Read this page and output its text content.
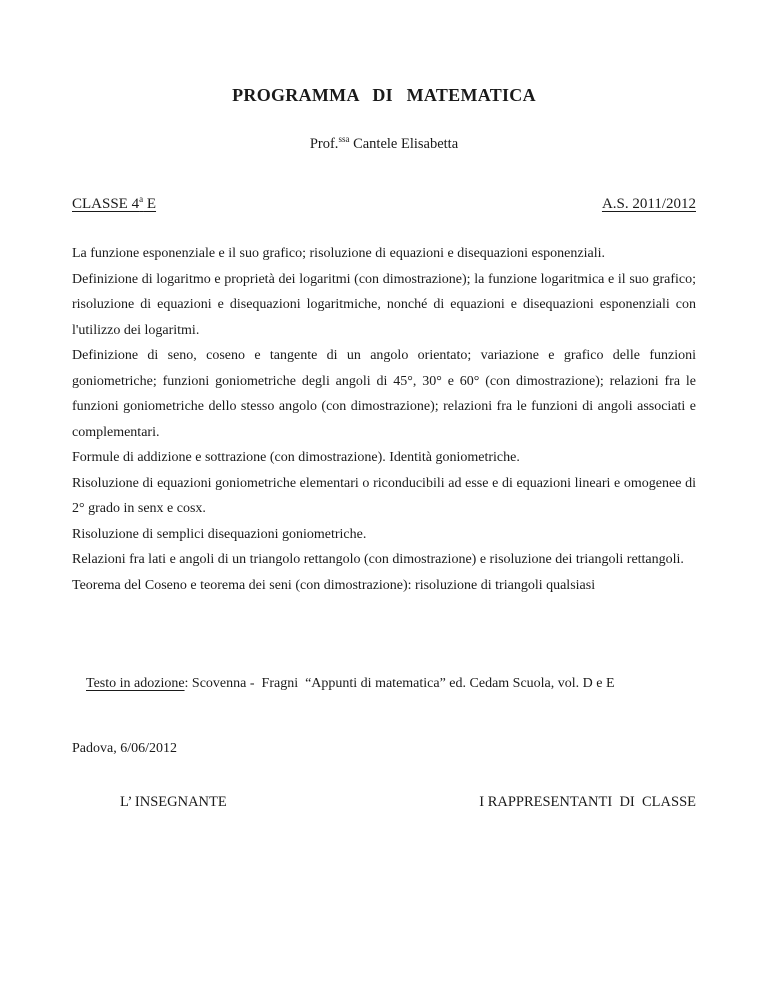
PROGRAMMA  DI  MATEMATICA
Prof.$^{ssa}$ Cantele Elisabetta
CLASSE 4$^a$ E	A.S. 2011/2012

La funzione esponenziale e il suo grafico; risoluzione di equazioni e disequazioni esponenziali.

Definizione di logaritmo e proprietà dei logaritmi (con dimostrazione); la funzione logaritmica e il suo grafico; risoluzione di equazioni e disequazioni logaritmiche, nonché di equazioni e disequazioni esponenziali con l'utilizzo dei logaritmi.

Definizione di seno, coseno e tangente di un angolo orientato; variazione e grafico delle funzioni goniometriche; funzioni goniometriche degli angoli di 45°, 30° e 60° (con dimostrazione); relazioni fra le funzioni goniometriche dello stesso angolo (con dimostrazione); relazioni fra le funzioni di angoli associati e complementari.

Formule di addizione e sottrazione (con dimostrazione). Identità goniometriche.

Risoluzione di equazioni goniometriche elementari o riconducibili ad esse e di equazioni lineari e omogenee di 2° grado in senx e cosx.

Risoluzione di semplici disequazioni goniometriche.

Relazioni fra lati e angoli di un triangolo rettangolo (con dimostrazione) e risoluzione dei triangoli rettangoli.

Teorema del Coseno e teorema dei seni (con dimostrazione): risoluzione di triangoli qualsiasi

Testo in adozione: Scovenna -  Fragni  “Appunti di matematica” ed. Cedam Scuola, vol. D e E

Padova, 6/06/2012
L’ INSEGNANTE	I RAPPRESENTANTI  DI  CLASSE
